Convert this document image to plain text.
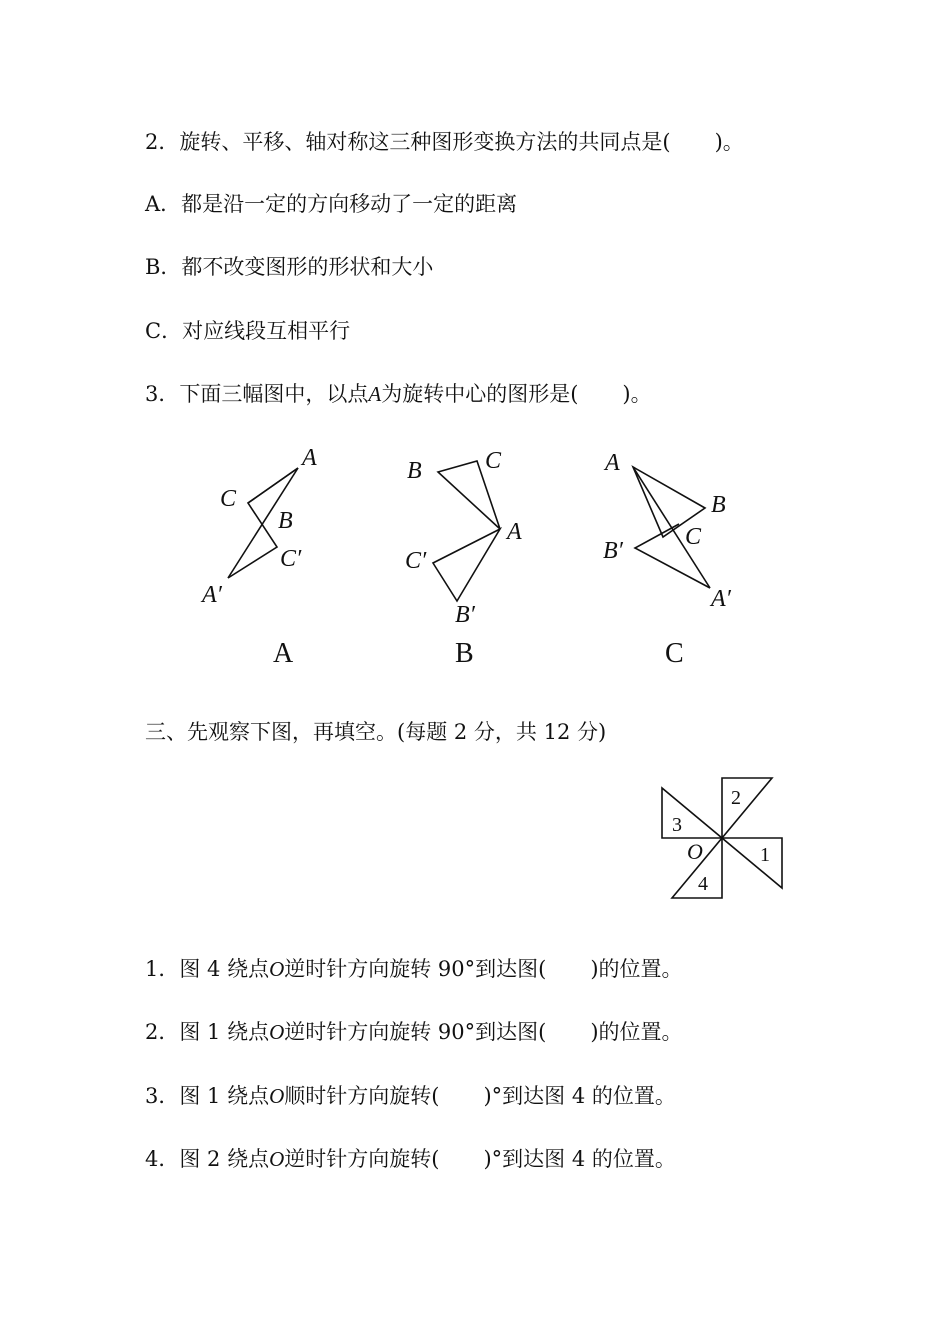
2．旋转、平移、轴对称这三种图形变换方法的共同点是( )。
A．都是沿一定的方向移动了一定的距离
B．都不改变图形的形状和大小
C．对应线段互相平行
3．下面三幅图中，以点A为旋转中心的图形是( )。
A
C
B
C′
A′
A
B	C
A
C′
B′
B
A
B
C
B′
A′
C
三、先观察下图，再填空。(每题 2 分，共 12 分)
2
1
4
3
O
1．图 4 绕点O逆时针方向旋转 90°到达图( )的位置。
2．图 1 绕点O逆时针方向旋转 90°到达图( )的位置。
3．图 1 绕点O顺时针方向旋转( )°到达图 4 的位置。
4．图 2 绕点O逆时针方向旋转( )°到达图 4 的位置。
